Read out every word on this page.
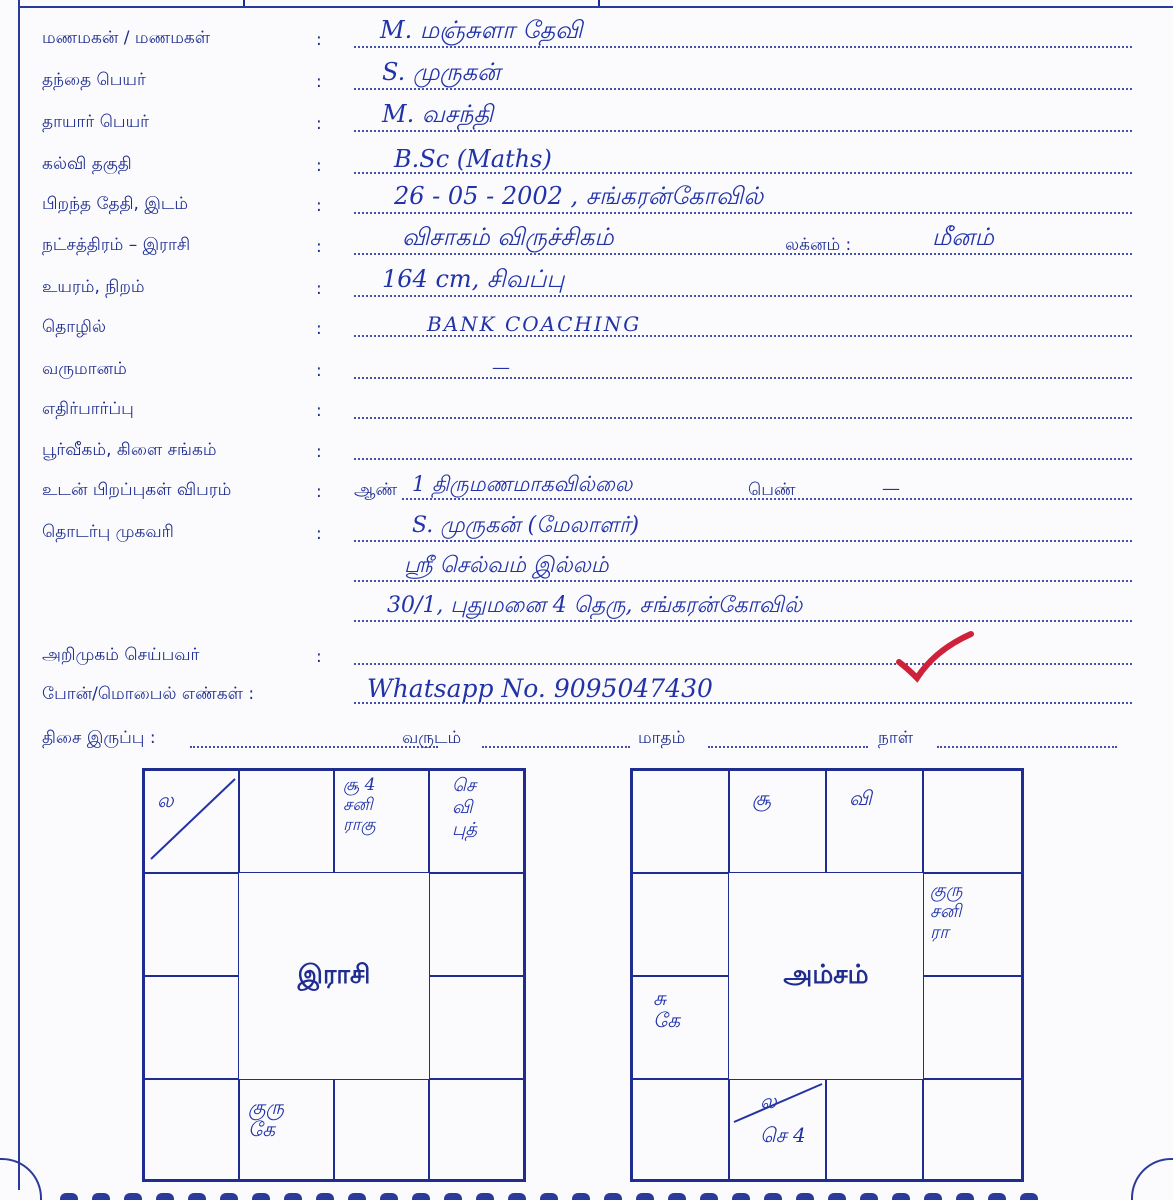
மணமகன் / மணமகள்	: M. மஞ்சுளா தேவி
தந்தை பெயர்	:	S. முருகன்
தாயார் பெயர்	:	M. வசந்தி
கல்வி தகுதி	:	B.Sc (Maths)
பிறந்த தேதி, இடம்	:	26 - 05 - 2002 , சங்கரன்கோவில்
நட்சத்திரம் – இராசி	:	விசாகம் விருச்சிகம்	லக்னம் :	மீனம்
உயரம், நிறம்	:	164 cm, சிவப்பு
தொழில்	:	BANK COACHING
வருமானம்	:	—
எதிர்பார்ப்பு	:
பூர்வீகம், கிளை சங்கம்	:
உடன் பிறப்புகள் விபரம்	: ஆண் 1 திருமணமாகவில்லை	பெண்	—
தொடர்பு முகவரி	:	S. முருகன் (மேலாளர்)
ஸ்ரீ செல்வம் இல்லம்
30/1, புதுமனை 4 தெரு, சங்கரன்கோவில்
அறிமுகம் செய்பவர்	:
போன்/மொபைல் எண்கள் :	Whatsapp No. 9095047430
திசை இருப்பு :	வருடம்	மாதம்	நாள்
ல
சூ 4
சனி
ராகு
செ
வி
புத்
குரு
கே
இராசி
சூ	வி
சு
கே
குரு
சனி
ரா
ல
செ 4
அம்சம்
